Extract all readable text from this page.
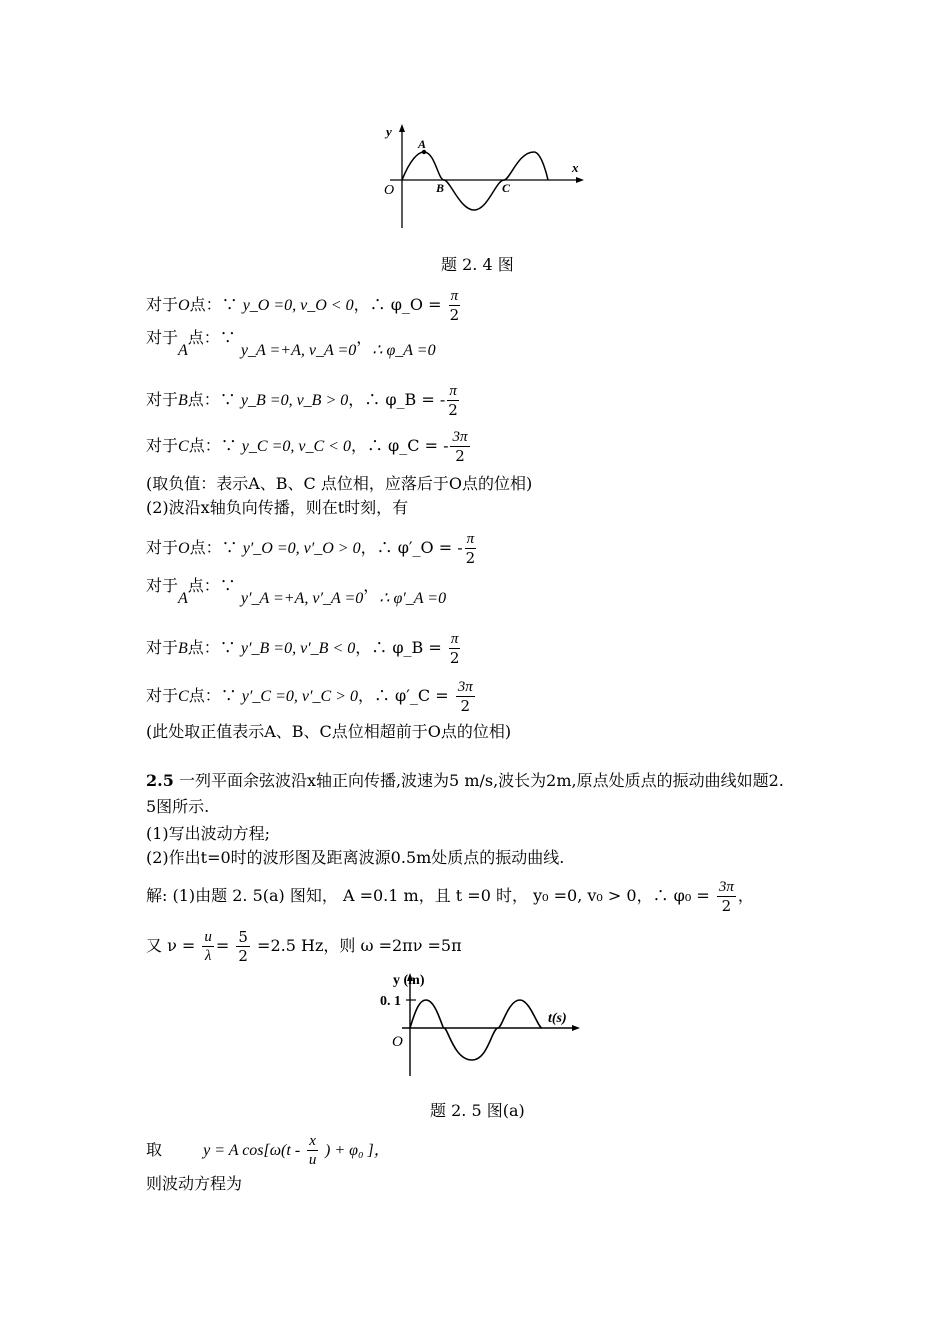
y
x
O
A
B	C
题 2. 4 图
对于O点：∵ y_O =0, v_O < 0，∴ φ_O = $\frac{\pi}{2}$
对于A点：∵ y_A =+A, v_A =0，∴ φ_A =0
对于B点：∵ y_B =0, v_B > 0，∴ φ_B = - $\frac{\pi}{2}$
对于C点：∵ y_C =0, v_C < 0，∴ φ_C = - $\frac{3\pi}{2}$
(取负值：表示A、B、C 点位相，应落后于O点的位相)
(2)波沿x轴负向传播，则在t时刻，有
对于O点：∵ y′_O =0, v′_O > 0，∴ φ′_O = - $\frac{\pi}{2}$
对于A点：∵ y′_A =+A, v′_A =0，∴ φ′_A =0
对于B点：∵ y′_B =0, v′_B < 0，∴ φ_B = $\frac{\pi}{2}$
对于C点：∵ y′_C =0, v′_C > 0，∴ φ′_C = $\frac{3\pi}{2}$
(此处取正值表示A、B、C点位相超前于O点的位相)
2.5 一列平面余弦波沿x轴正向传播,波速为5 m/s,波长为2m,原点处质点的振动曲线如题2.
5图所示.
(1)写出波动方程;
(2)作出t=0时的波形图及距离波源0.5m处质点的振动曲线.
解: (1)由题 2. 5(a) 图知， A =0.1 m，且 t =0 时， y₀ =0, v₀ > 0，∴ $\varphi_0 = \frac{3\pi}{2}$ ，
又 $\nu = \frac{u}{\lambda} = \frac{5}{2} =2.5$ Hz，则 ω =2πν =5π
y (m)
t(s)
O
0. 1
题 2. 5 图(a)
取	y = A $\cos[\omega(t - \frac{x}{u}$ ) + φ₀ ]，
则波动方程为
